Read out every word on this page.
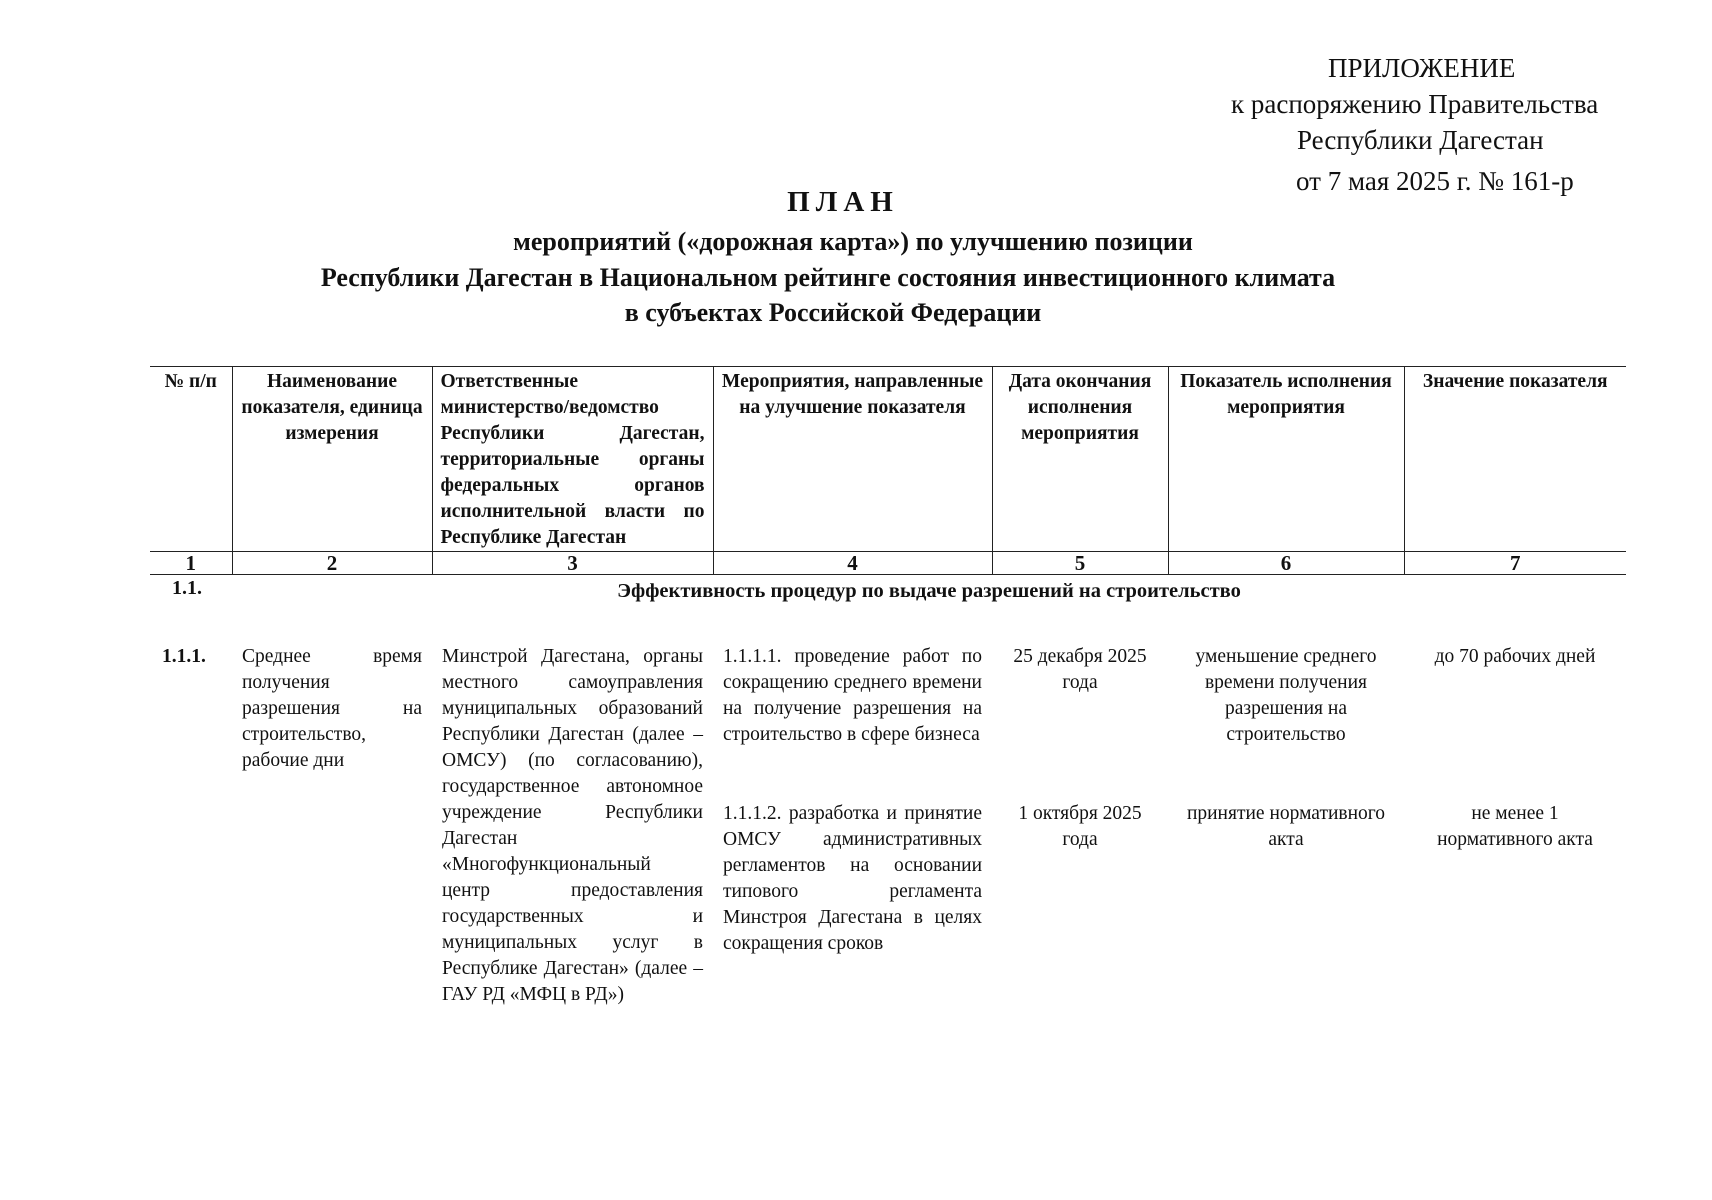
ПРИЛОЖЕНИЕ
к распоряжению Правительства
Республики Дагестан
от 7 мая 2025 г. № 161-р
ПЛАН
мероприятий («дорожная карта») по улучшению позиции
Республики Дагестан в Национальном рейтинге состояния инвестиционного климата
в субъектах Российской Федерации
№ п/п	Наименование показателя, единица измерения	Ответственные министерство/ведомство Республики Дагестан, территориальные органы федеральных органов исполнительной власти по Республике Дагестан	Мероприятия, направленные на улучшение показателя	Дата окончания исполнения мероприятия	Показатель исполнения мероприятия	Значение показателя
1	2	3	4	5	6	7
1.1.	Эффективность процедур по выдаче разрешений на строительство					
1.1.1.	Среднее время получения разрешения на строительство, рабочие дни	Минстрой Дагестана, органы местного самоуправления муниципальных образований Республики Дагестан (далее – ОМСУ) (по согласованию), государственное автономное учреждение Республики Дагестан «Многофункциональный центр предоставления государственных и муниципальных услуг в Республике Дагестан» (далее – ГАУ РД «МФЦ в РД»)	1.1.1.1. проведение работ по сокращению среднего времени на получение разрешения на строительство в сфере бизнеса	25 декабря 2025 года	уменьшение среднего времени получения разрешения на строительство	до 70 рабочих дней
			1.1.1.2. разработка и принятие ОМСУ административных регламентов на основании типового регламента Минстроя Дагестана в целях сокращения сроков	1 октября 2025 года	принятие нормативного акта	не менее 1 нормативного акта
